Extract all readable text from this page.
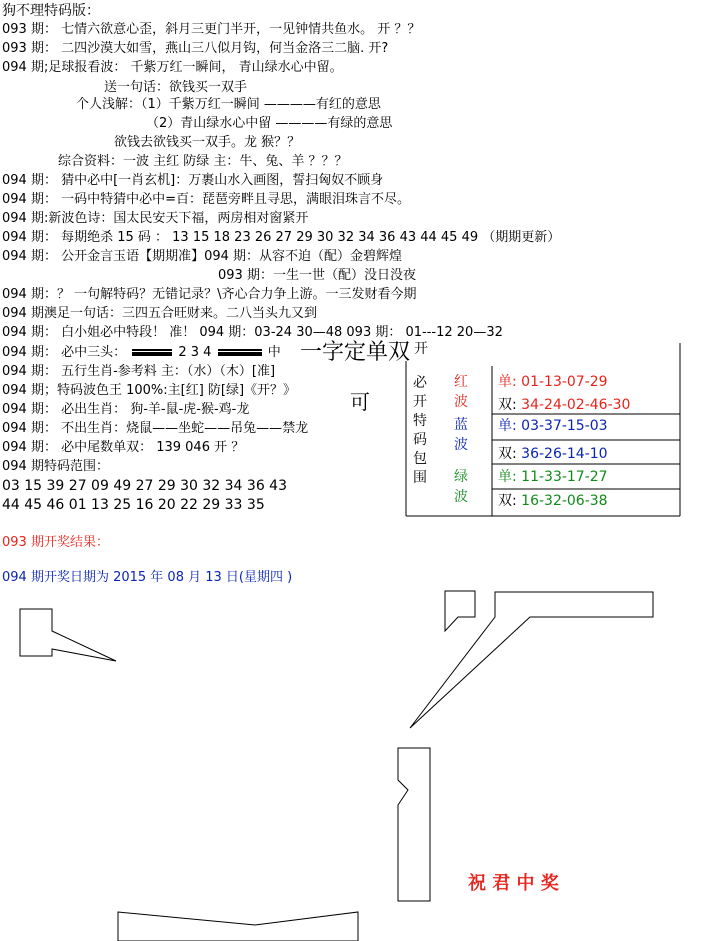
狗不理特码版：
093 期： 七情六欲意心歪，斜月三更门半开，一见钟情共鱼水。 开 ？？
093 期： 二四沙漠大如雪，燕山三八似月钩，何当金洛三二脑. 开?
094 期;足球报看波： 千紫万红一瞬间， 青山绿水心中留。
送一句话：欲钱买一双手
个人浅解：（1）千紫万红一瞬间 ————有红的意思
（2）青山绿水心中留 ————有绿的意思
欲钱去欲钱买一双手。龙 猴？？
综合资料：一波 主红 防绿 主：牛、兔、羊 ？？？
094 期： 猜中必中[一肖玄机]：万裹山水入画图，誓扫匈奴不顾身
094 期： 一码中特猜中必中=百：琵琶旁畔且寻思，满眼泪珠言不尽。
094 期:新波色诗：国太民安天下福，两房相对窗紧开
094 期： 每期绝杀 15 码 ： 13 15 18 23 26 27 29 30 32 34 36 43 44 45 49 （期期更新）
094 期： 公开金言玉语【期期准】094 期：从容不迫（配）金碧辉煌
093 期：一生一世（配）没日没夜
094 期：？ 一句解特码？无错记录？\齐心合力争上游。一三发财看今期
094 期澳足一句话：三四五合旺财来。二八当头九又到
094 期： 白小姐必中特段！ 准！ 094 期：03-24 30—48 093 期： 01---12 20—32
094 期： 必中三头：	2 3 4	中
094 期： 五行生肖-参考料 主：（水）（木）[准]
094 期；特码波色王 100%:主[红] 防[绿]《开？》
094 期： 必出生肖： 狗-羊-鼠-虎-猴-鸡-龙
094 期： 不出生肖：烧鼠——坐蛇——吊兔——禁龙
094 期： 必中尾数单双： 139 046 开 ？
094 期特码范围：
03 15 39 27 09 49 27 29 30 32 34 36 43
44 45 46 01 13 25 16 20 22 29 33 35
093 期开奖结果：
094 期开奖日期为 2015 年 08 月 13 日(星期四 )
一字定单双 开
可
必
开
特
码
包
围
红
波
蓝
波
绿
波
单: 01-13-07-29
双: 34-24-02-46-30
单: 03-37-15-03
双: 36-26-14-10
单: 11-33-17-27
双: 16-32-06-38
祝 君 中 奖
